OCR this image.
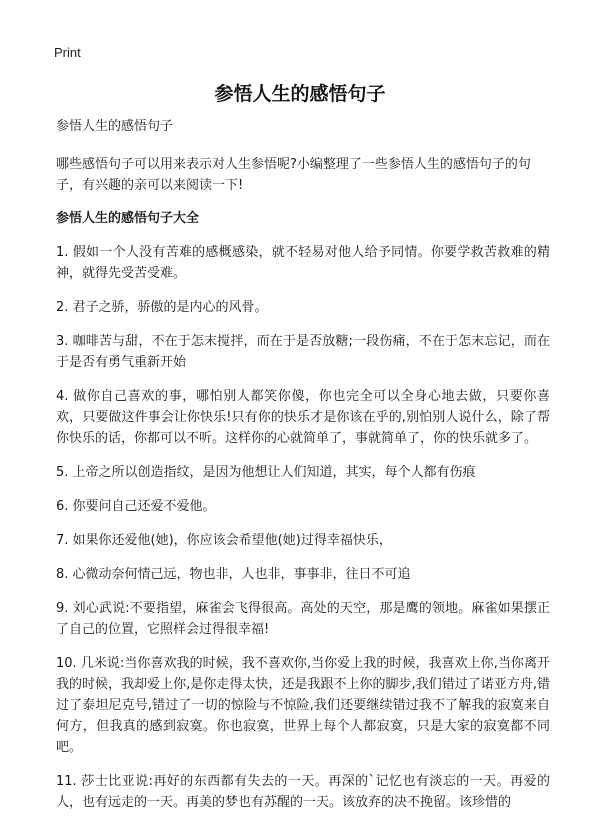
Print
参悟人生的感悟句子

参悟人生的感悟句子

哪些感悟句子可以用来表示对人生参悟呢?小编整理了一些参悟人生的感悟句子的句子，有兴趣的亲可以来阅读一下!

参悟人生的感悟句子大全

1. 假如一个人没有苦难的感概感染，就不轻易对他人给予同情。你要学救苦救难的精神，就得先受苦受难。

2. 君子之骄，骄傲的是内心的风骨。

3. 咖啡苦与甜，不在于怎末搅拌，而在于是否放糖;一段伤痛，不在于怎末忘记，而在于是否有勇气重新开始

4. 做你自己喜欢的事，哪怕别人都笑你傻，你也完全可以全身心地去做，只要你喜欢，只要做这件事会让你快乐!只有你的快乐才是你该在乎的,别怕别人说什么，除了帮你快乐的话，你都可以不听。这样你的心就简单了，事就简单了，你的快乐就多了。

5. 上帝之所以创造指纹，是因为他想让人们知道，其实，每个人都有伤痕

6. 你要问自己还爱不爱他。

7. 如果你还爱他(她)，你应该会希望他(她)过得幸福快乐，

8. 心微动奈何情己远，物也非，人也非，事事非，往日不可追

9. 刘心武说:不要指望，麻雀会飞得很高。高处的天空，那是鹰的领地。麻雀如果摆正了自己的位置，它照样会过得很幸福!

10. 几米说:当你喜欢我的时候，我不喜欢你,当你爱上我的时候，我喜欢上你,当你离开我的时候，我却爱上你,是你走得太快，还是我跟不上你的脚步,我们错过了诺亚方舟,错过了泰坦尼克号,错过了一切的惊险与不惊险,我们还要继续错过我不了解我的寂寞来自何方，但我真的感到寂寞。你也寂寞，世界上每个人都寂寞，只是大家的寂寞都不同吧。

11. 莎士比亚说:再好的东西都有失去的一天。再深的`记忆也有淡忘的一天。再爱的人，也有远走的一天。再美的梦也有苏醒的一天。该放弃的决不挽留。该珍惜的
